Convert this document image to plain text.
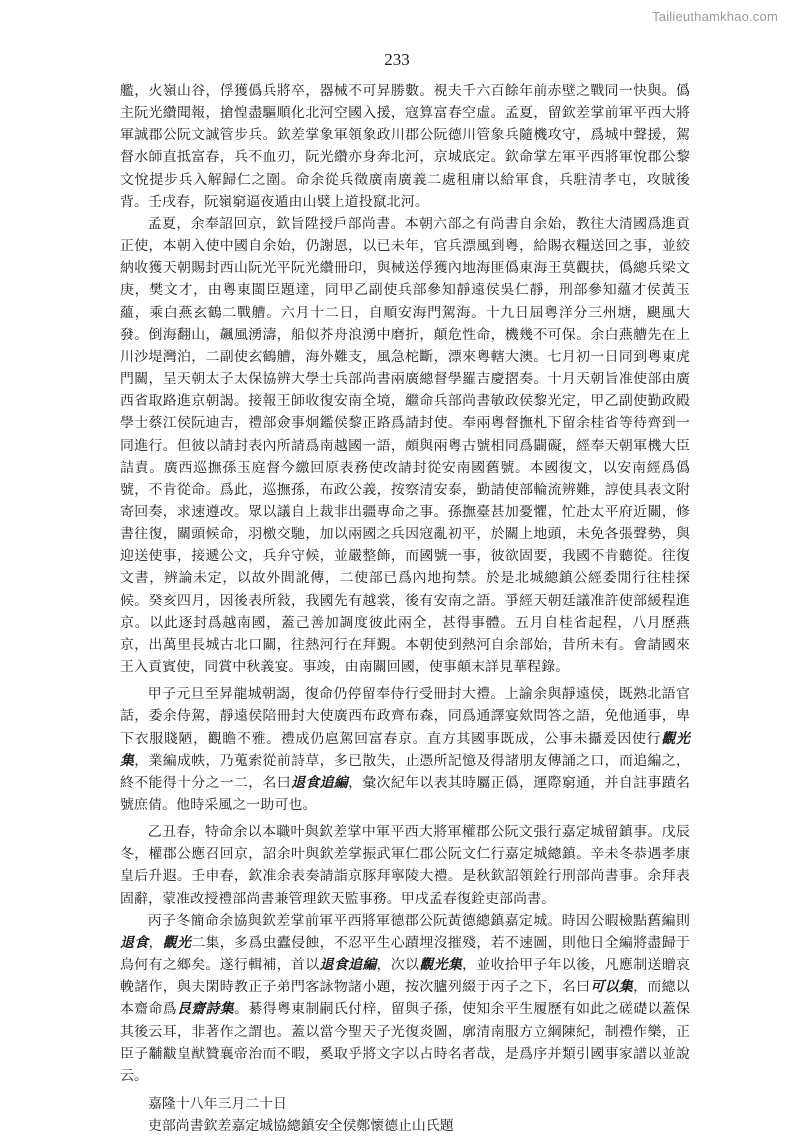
Tailieuthamkhao.com
233

艦，火嶺山谷，俘獲僞兵將卒，器械不可昇勝數。視夫千六百餘年前赤壁之戰同一快與。僞主阮光纘聞報，搶惶盡驅順化北河空國入援，寇算富春空虛。孟夏，留欽差掌前軍平西大將軍誠郡公阮文誠管步兵。欽差掌象軍領象政川郡公阮德川管象兵隨機攻守，爲城中聲援，駕督水師直抵富春，兵不血刃，阮光纘亦身奔北河，京城底定。欽命掌左軍平西將軍悅郡公黎文悅提步兵入解歸仁之圍。命余從兵徵廣南廣義二處租庸以給軍食，兵駐清孝屯，攻賊後背。壬戌春，阮嶺窮逼夜遁由山襞上道投竄北河。

孟夏，余奉詔回京，欽旨陞授戶部尚書。本朝六部之有尚書自余始，教往大清國爲進貢正使，本朝入使中國自余始，仍謝恩，以已未年，官兵漂風到粵，給賜衣糧送回之事，並絞納收獲天朝賜封西山阮光平阮光纘冊印，與械送俘獲內地海匪僞東海王莫觀扶，僞總兵梁文庚，樊文才，由粵東閩臣題達，同甲乙副使兵部參知靜遠侯吳仁靜，刑部參知蘊才侯黃玉蘊，乘白燕玄鶴二戰艚。六月十二日，自順安海門駕海。十九日屆粵洋分三州塘，颶風大發。倒海翻山，飆風湧濤，船似芥舟浪湧中磨折，顛危性命，機幾不可保。余白燕艚先在上川沙堤灣泊，二副使玄鶴艚，海外難支，風急柁斷，漂來粵轄大澳。七月初一日同到粵東虎門關，呈天朝太子太保協辨大學士兵部尚書兩廣總督學羅吉慶摺奏。十月天朝旨准使部由廣西省取路進京朝謁。接報王師收復安南全境，繼命兵部尚書敏政侯黎光定，甲乙副使勤政殿學士蔡江侯阮迪吉，禮部僉事炯鑑侯黎正路爲請封使。奉兩粵督撫札下留余桂省等待齊到一同進行。但彼以請封表內所請爲南越國一語，頗與兩粵古號相同爲闢礙，經奉天朝軍機大臣詰責。廣西巡撫孫玉庭督今繳回原表務使改請封從安南國舊號。本國復文，以安南經爲僞號，不肯從命。爲此，巡撫孫，布政公義，按察清安泰，勤請使部輪流辨難，諄使具表文附寄回奏，求速遵改。眾以議自上裁非出疆專命之事。孫撫臺甚加憂懼，忙赴太平府近關，修書往復，關頭候命，羽檄交馳，加以兩國之兵因寇亂初平，於關上地頭，未免各張聲勢，與迎送使事，接遞公文，兵弁守候，並嚴整飾，而國號一事，彼欲固要，我國不肯聽從。往復文書，辨論未定，以故外間訛傳，二使部已爲內地拘禁。於是北城總鎮公經委閒行往桂探候。癸亥四月，因後表所敍，我國先有越裳，後有安南之語。爭經天朝廷議准許使部緩程進京。以此逐封爲越南國，蓋己善加調度彼此兩全，甚得事體。五月自桂省起程，八月歷燕京，出萬里長城古北口關，往熱河行在拜覲。本朝使到熱河自余部始，昔所未有。會請國來王入貢賓使，同賞中秋義宴。事竣，由南關回國，使事顛末詳見華程錄。

甲子元旦至昇龍城朝謁，復命仍停留奉侍行受冊封大禮。上諭余與靜遠侯，既熟北語官話，委余侍駕，靜遠侯陪冊封大使廣西布政齊布森，同爲通譯宴欸問答之語，免他通事，卑下衣服賤陋，觀瞻不雅。禮成仍扈駕回富春京。直方其國事既成，公事未攝爰因使行觀光集，業編成帙，乃蒐索從前詩草，多已散失，止憑所記憶及得諸朋友傳誦之口，而追編之，終不能得十分之一二，名曰退食追編，彙次紀年以表其時屬正僞，運際窮通，并自註事蹟名號庶倩。他時采風之一助可也。

乙丑春，特命余以本職叶與欽差掌中軍平西大將軍權郡公阮文張行嘉定城留鎮事。戊辰冬，權郡公應召回京，詔余叶與欽差掌振武軍仁郡公阮文仁行嘉定城總鎮。辛未冬恭遇孝康皇后升遐。壬申春，欽准余表奏請詣京豚拜寧陵大禮。是秋欽詔領銓行刑部尚書事。余拜表固辭，蒙准改授禮部尚書兼管理欽天監事務。甲戌孟春復銓吏部尚書。

丙子冬簡命余協與欽差掌前軍平西將軍德郡公阮黃德總鎮嘉定城。時因公暇檢點舊編則退食，觀光二集，多爲虫蠹侵蝕，不忍平生心蹟埋沒摧殘，若不速圖，則他日全編將盡歸于烏何有之鄉矣。遂行輯補，首以退食追編，次以觀光集，並收拾甲子年以後，凡應制送贈哀輓諸作，與夫閑時教正子弟門客詠物諸小題，按次臚列綴于丙子之下，名曰可以集，而總以本齋命爲艮齋詩集。綦得粵東制嗣氏付梓，留與子孫，使知余平生履歷有如此之磋礎以蓋保其後云耳，非著作之謂也。蓋以當今聖天子光復炎圖，廓清南服方立綱陳紀，制禮作樂，正臣子黼黻皇猷贊襄帝治而不暇，奚取乎將文字以占時名者哉，是爲序并類引國事家譜以並說云。

嘉隆十八年三月二十日

吏部尚書欽差嘉定城協總鎮安全侯鄭懷德止山氏題
